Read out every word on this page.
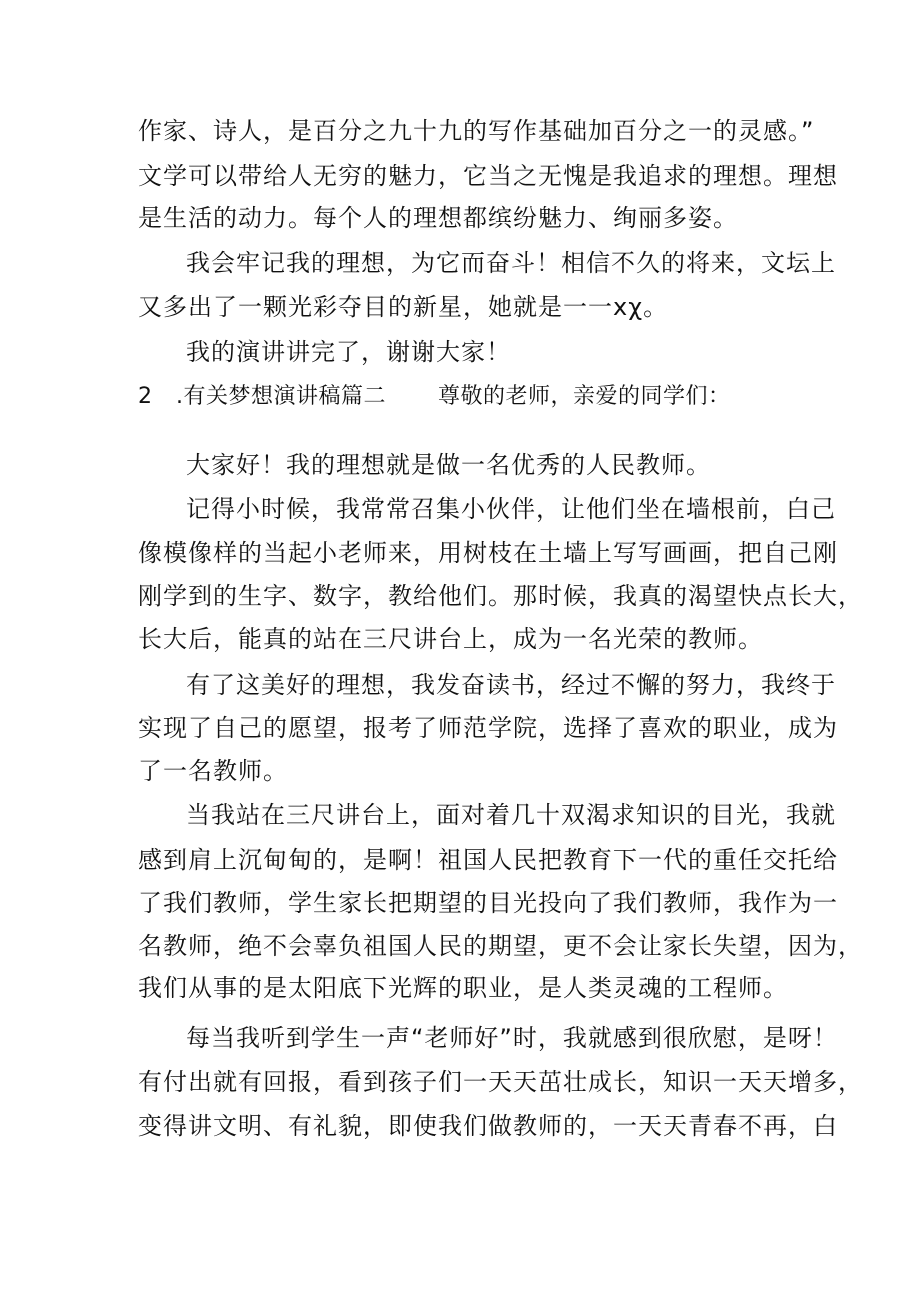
作家、诗人，是百分之九十九的写作基础加百分之一的灵感。”
文学可以带给人无穷的魅力，它当之无愧是我追求的理想。理想
是生活的动力。每个人的理想都缤纷魅力、绚丽多姿。
我会牢记我的理想，为它而奋斗！相信不久的将来，文坛上
又多出了一颗光彩夺目的新星，她就是一一xχ。
我的演讲讲完了，谢谢大家！
2 .有关梦想演讲稿篇二 尊敬的老师，亲爱的同学们：
大家好！我的理想就是做一名优秀的人民教师。
记得小时候，我常常召集小伙伴，让他们坐在墙根前，白己
像模像样的当起小老师来，用树枝在土墙上写写画画，把自己刚
刚学到的生字、数字，教给他们。那时候，我真的渴望快点长大，
长大后，能真的站在三尺讲台上，成为一名光荣的教师。
有了这美好的理想，我发奋读书，经过不懈的努力，我终于
实现了自己的愿望，报考了师范学院，选择了喜欢的职业，成为
了一名教师。
当我站在三尺讲台上，面对着几十双渴求知识的目光，我就
感到肩上沉甸甸的，是啊！祖国人民把教育下一代的重任交托给
了我们教师，学生家长把期望的目光投向了我们教师，我作为一
名教师，绝不会辜负祖国人民的期望，更不会让家长失望，因为，
我们从事的是太阳底下光辉的职业，是人类灵魂的工程师。
每当我听到学生一声“老师好”时，我就感到很欣慰，是呀！
有付出就有回报，看到孩子们一天天茁壮成长，知识一天天增多，
变得讲文明、有礼貌，即使我们做教师的，一天天青春不再，白
